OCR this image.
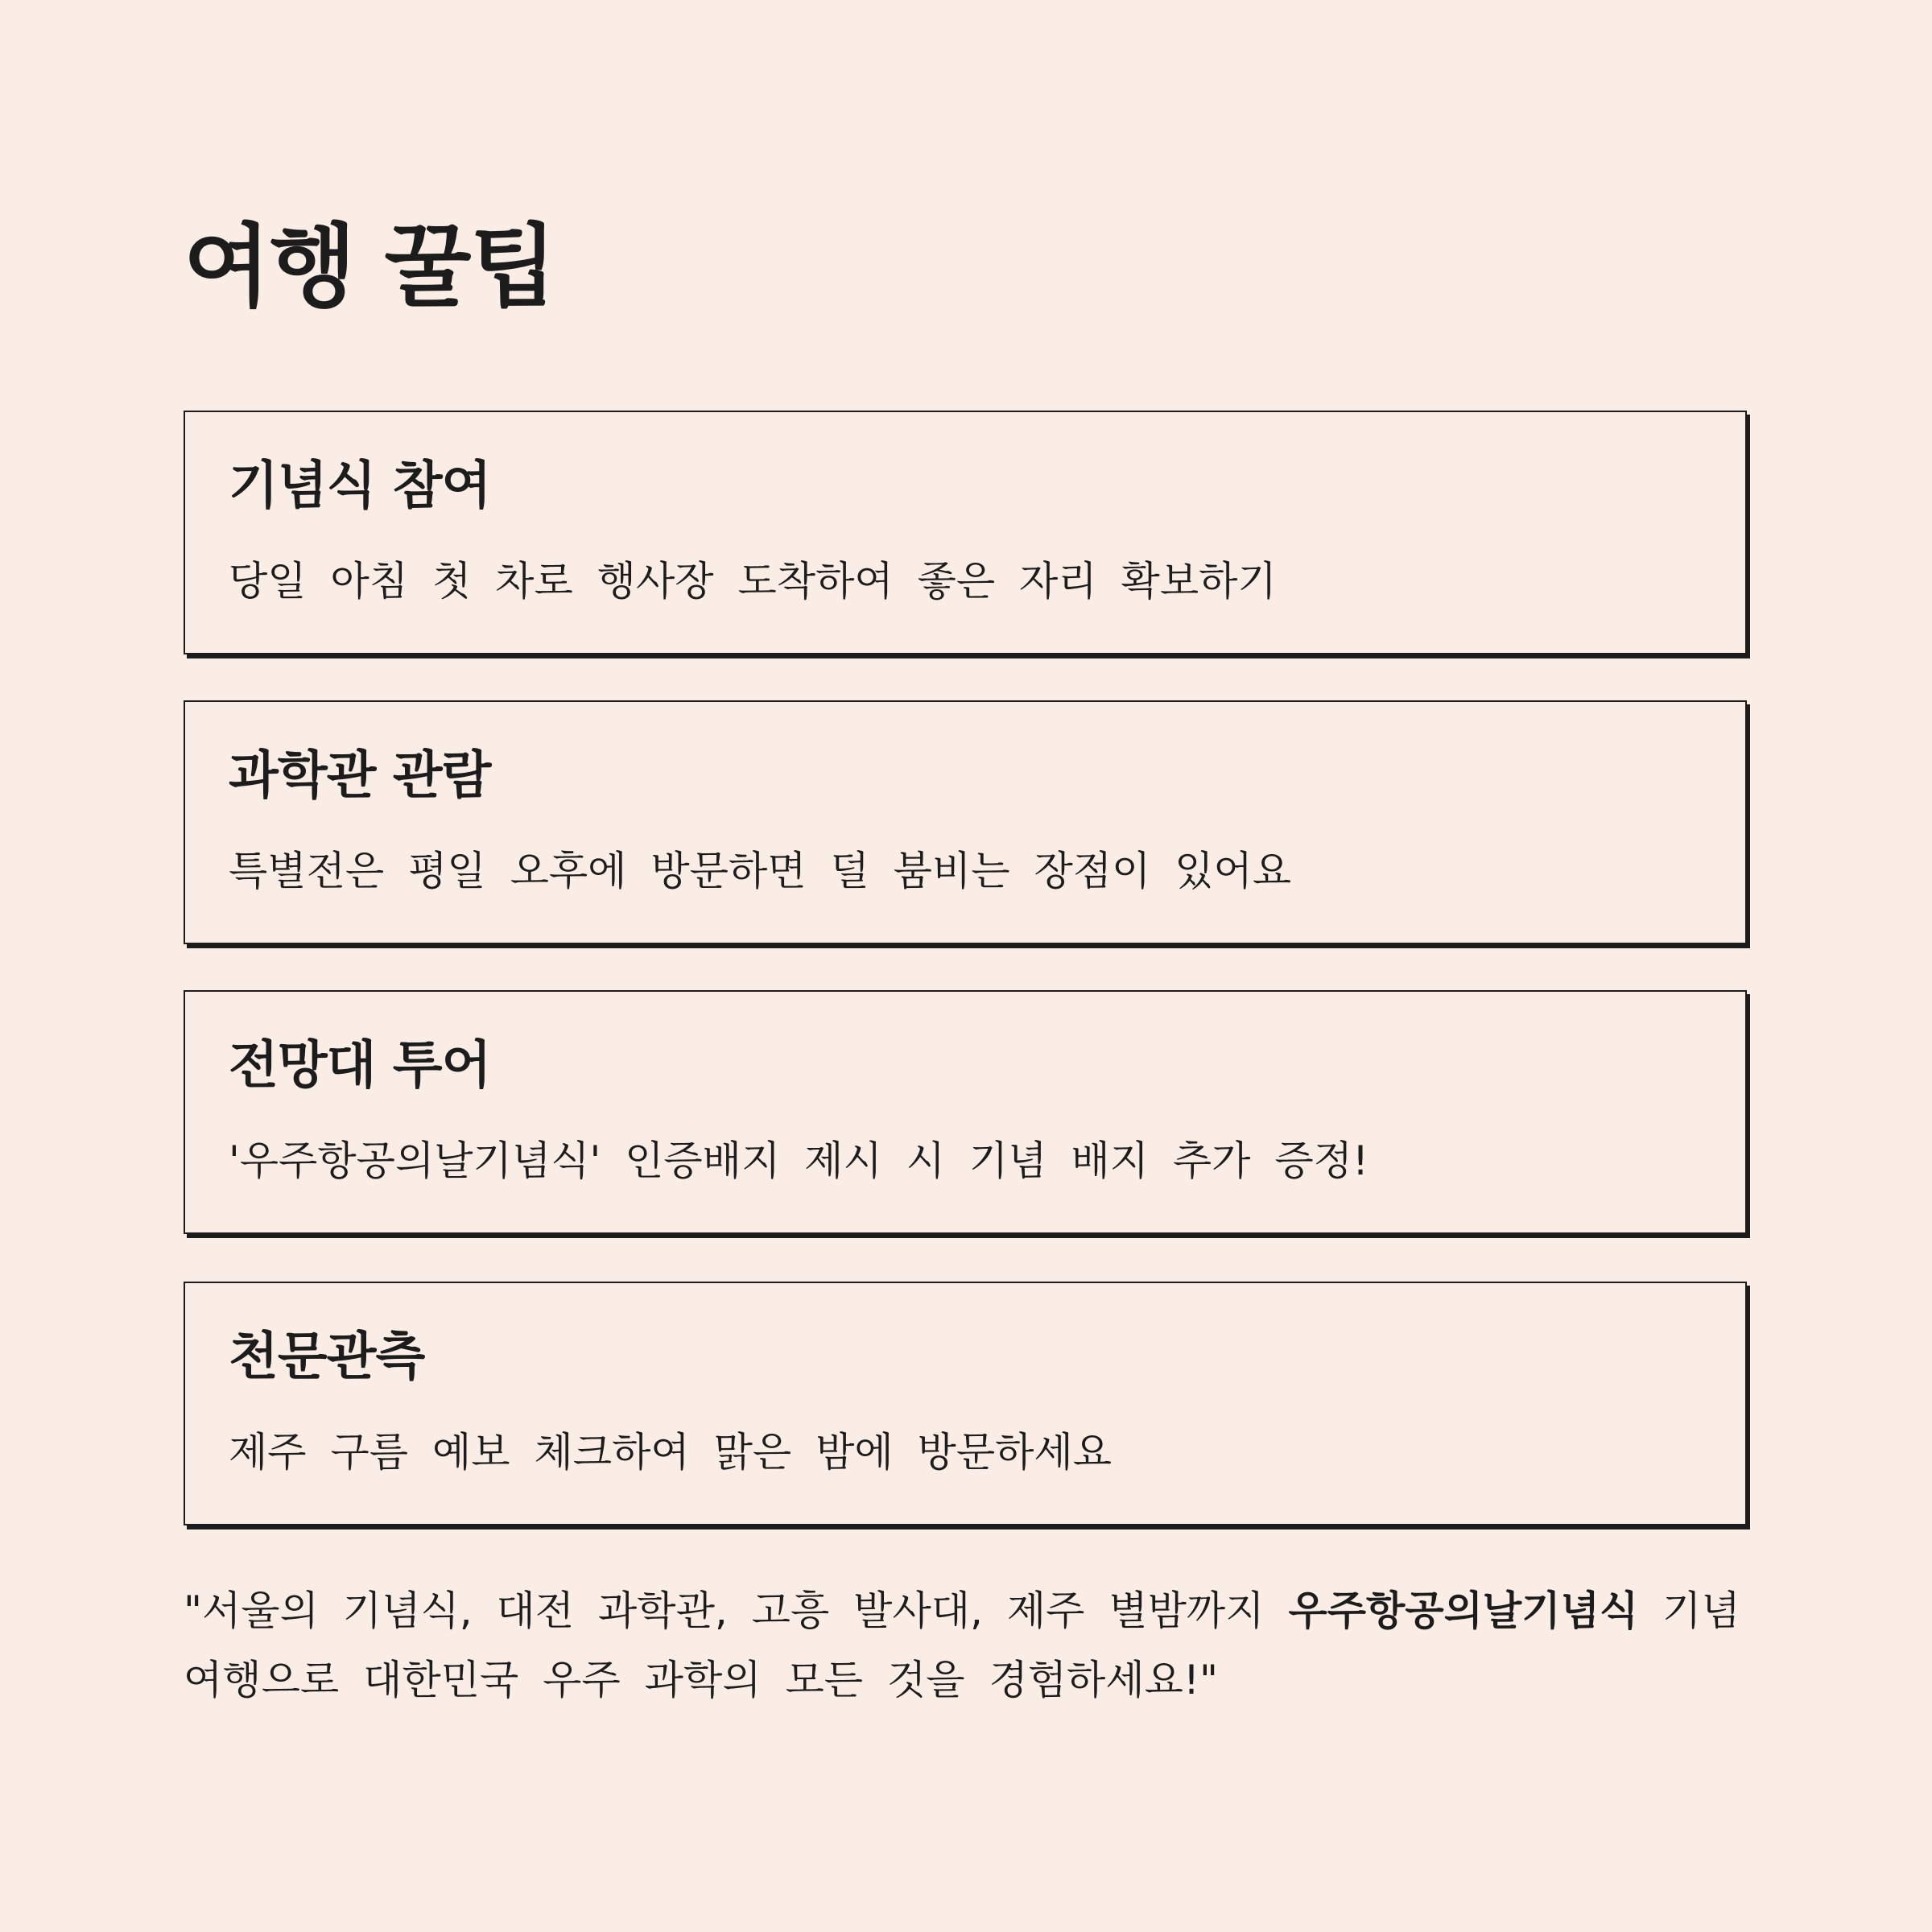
여행 꿀팁
기념식 참여

당일 아침 첫 차로 행사장 도착하여 좋은 자리 확보하기

과학관 관람

특별전은 평일 오후에 방문하면 덜 붐비는 장점이 있어요

전망대 투어

'우주항공의날기념식' 인증배지 제시 시 기념 배지 추가 증정!

천문관측

제주 구름 예보 체크하여 맑은 밤에 방문하세요

"서울의 기념식, 대전 과학관, 고흥 발사대, 제주 별밤까지 우주항공의날기념식 기념 여행으로 대한민국 우주 과학의 모든 것을 경험하세요!"
